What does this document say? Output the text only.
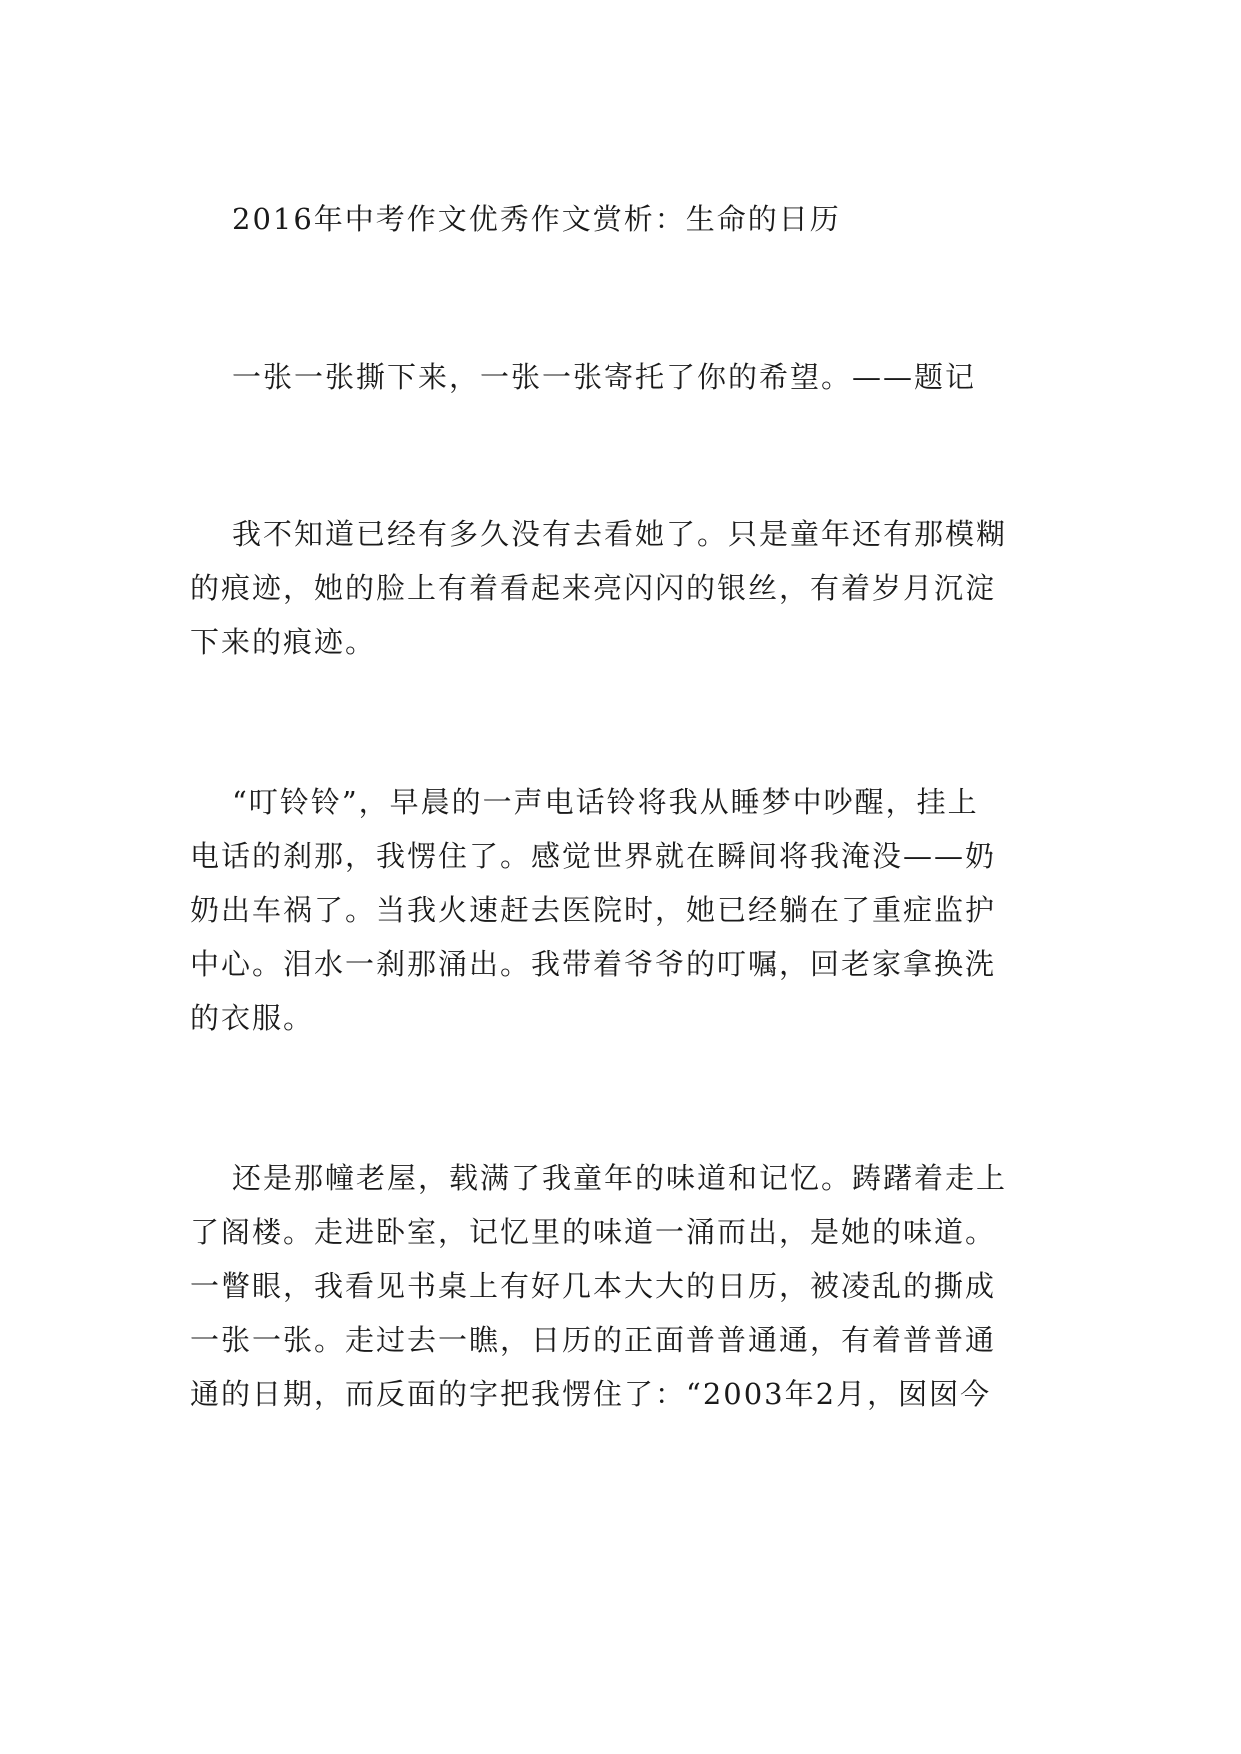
2016年中考作文优秀作文赏析：生命的日历

一张一张撕下来，一张一张寄托了你的希望。——题记

我不知道已经有多久没有去看她了。只是童年还有那模糊

的痕迹，她的脸上有着看起来亮闪闪的银丝，有着岁月沉淀

下来的痕迹。

“叮铃铃”，早晨的一声电话铃将我从睡梦中吵醒，挂上

电话的刹那，我愣住了。感觉世界就在瞬间将我淹没——奶

奶出车祸了。当我火速赶去医院时，她已经躺在了重症监护

中心。泪水一刹那涌出。我带着爷爷的叮嘱，回老家拿换洗

的衣服。

还是那幢老屋，载满了我童年的味道和记忆。踌躇着走上

了阁楼。走进卧室，记忆里的味道一涌而出，是她的味道。

一瞥眼，我看见书桌上有好几本大大的日历，被凌乱的撕成

一张一张。走过去一瞧，日历的正面普普通通，有着普普通

通的日期，而反面的字把我愣住了：“2003年2月，囡囡今
